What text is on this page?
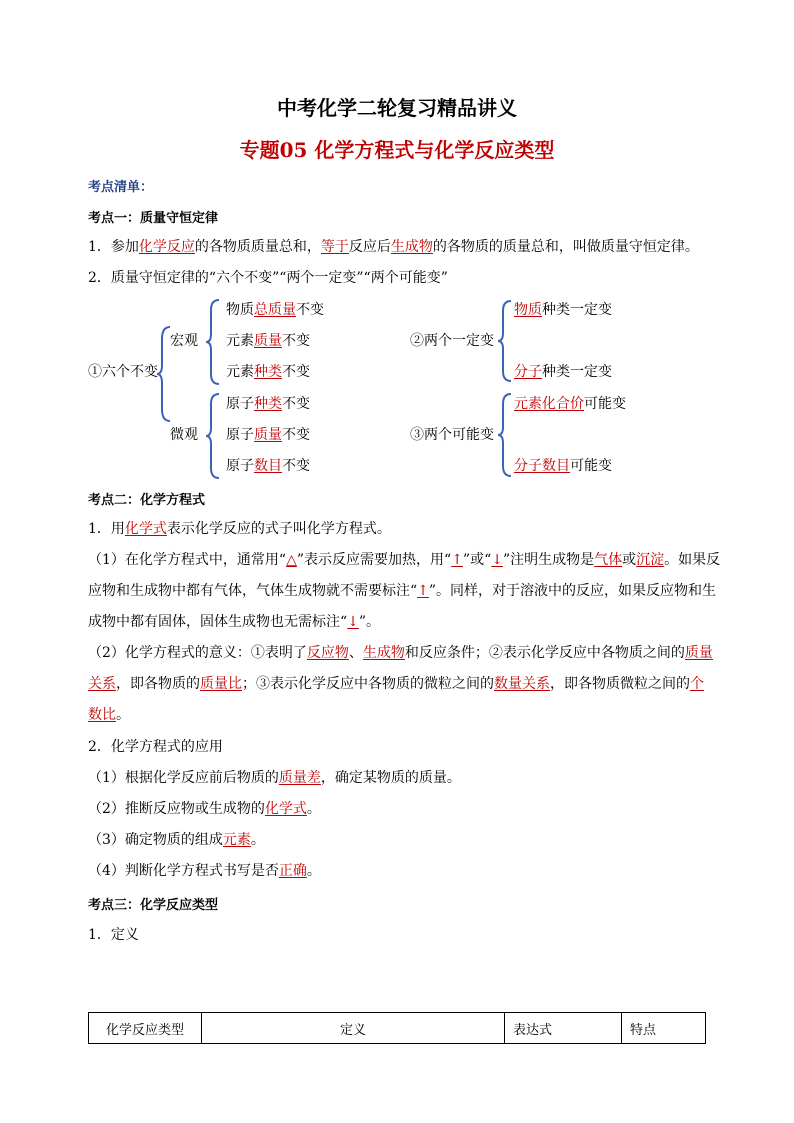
中考化学二轮复习精品讲义
专题05 化学方程式与化学反应类型
考点清单：
考点一：质量守恒定律
1．参加化学反应的各物质质量总和，等于反应后生成物的各物质的质量总和，叫做质量守恒定律。
2．质量守恒定律的“六个不变”“两个一定变”“两个可能变”
①六个不变
宏观
微观
物质总质量不变
元素质量不变
元素种类不变
原子种类不变
原子质量不变
原子数目不变
②两个一定变
物质种类一定变
分子种类一定变
③两个可能变
元素化合价可能变
分子数目可能变
考点二：化学方程式
1．用化学式表示化学反应的式子叫化学方程式。
（1）在化学方程式中，通常用“△”表示反应需要加热，用“↑”或“↓”注明生成物是气体或沉淀。如果反
应物和生成物中都有气体，气体生成物就不需要标注“↑”。同样，对于溶液中的反应，如果反应物和生
成物中都有固体，固体生成物也无需标注“↓”。
（2）化学方程式的意义：①表明了反应物、生成物和反应条件；②表示化学反应中各物质之间的质量
关系，即各物质的质量比；③表示化学反应中各物质的微粒之间的数量关系，即各物质微粒之间的个
数比。
2．化学方程式的应用
（1）根据化学反应前后物质的质量差，确定某物质的质量。
（2）推断反应物或生成物的化学式。
（3）确定物质的组成元素。
（4）判断化学方程式书写是否正确。
考点三：化学反应类型
1．定义
化学反应类型	定义	表达式	特点
